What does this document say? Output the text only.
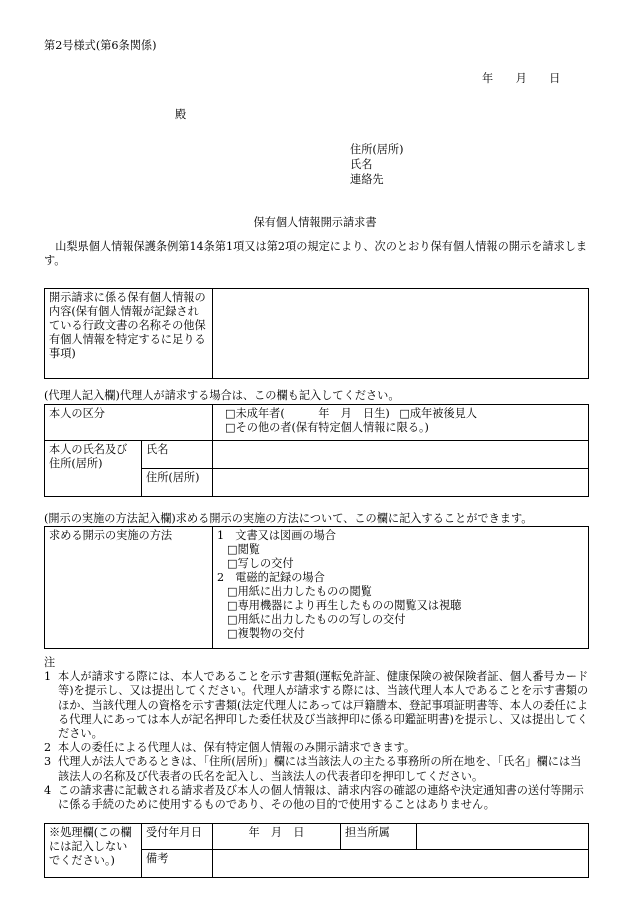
第2号様式(第6条関係)
年　　月　　日
殿
住所(居所)
氏名
連絡先
保有個人情報開示請求書
　山梨県個人情報保護条例第14条第1項又は第2項の規定により、次のとおり保有個人情報の開示を請求します。
開示請求に係る保有個人情報の内容(保有個人情報が記録されている行政文書の名称その他保有個人情報を特定するに足りる事項)	
(代理人記入欄)代理人が請求する場合は、この欄も記入してください。
本人の区分		□未成年者(　　　年　月　日生) □成年被後見人
□その他の者(保有特定個人情報に限る。)

本人の氏名及び住所(居所)	氏名	
	住所(居所)	
(開示の実施の方法記入欄)求める開示の実施の方法について、この欄に記入することができます。
求める開示の実施の方法	1　文書又は図画の場合
□閲覧
□写しの交付
2　電磁的記録の場合
□用紙に出力したものの閲覧
□専用機器により再生したものの閲覧又は視聴
□用紙に出力したものの写しの交付
□複製物の交付
注
1 本人が請求する際には、本人であることを示す書類(運転免許証、健康保険の被保険者証、個人番号カード等)を提示し、又は提出してください。代理人が請求する際には、当該代理人本人であることを示す書類のほか、当該代理人の資格を示す書類(法定代理人にあっては戸籍謄本、登記事項証明書等、本人の委任による代理人にあっては本人が記名押印した委任状及び当該押印に係る印鑑証明書)を提示し、又は提出してください。
2 本人の委任による代理人は、保有特定個人情報のみ開示請求できます。
3 代理人が法人であるときは、「住所(居所)」欄には当該法人の主たる事務所の所在地を、「氏名」欄には当該法人の名称及び代表者の氏名を記入し、当該法人の代表者印を押印してください。
4 この請求書に記載される請求者及び本人の個人情報は、請求内容の確認の連絡や決定通知書の送付等開示に係る手続のために使用するものであり、その他の目的で使用することはありません。
※処理欄(この欄には記入しないでください。)	受付年月日	年　月　日	担当所属	
	備考			
